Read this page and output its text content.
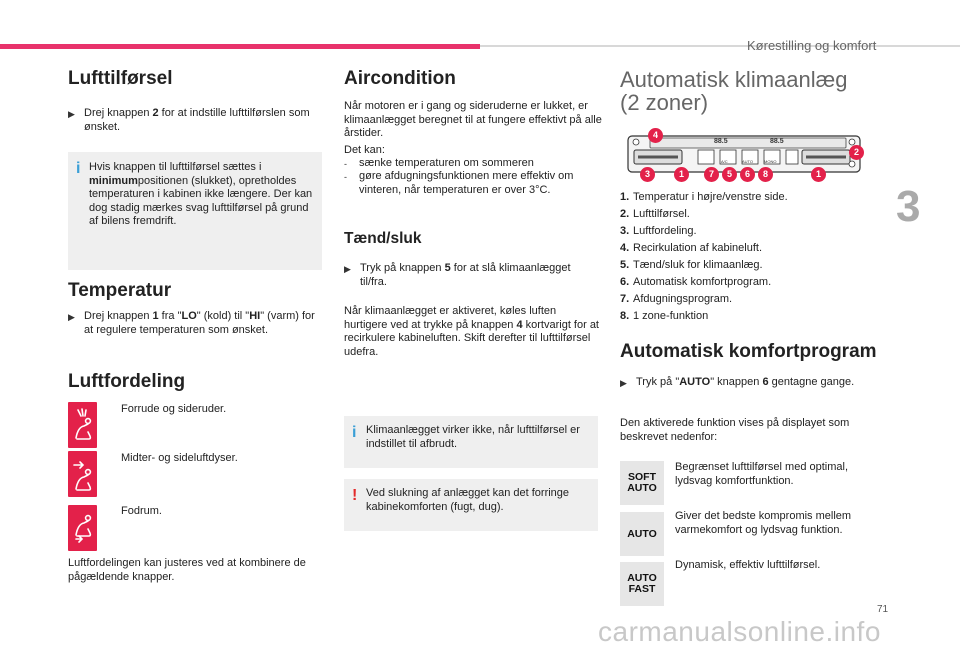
Kørestilling og komfort
3
Lufttilførsel
▶ Drej knappen 2 for at indstille lufttilførslen som ønsket.
i Hvis knappen til lufttilførsel sættes i minimumpositionen (slukket), opretholdes temperaturen i kabinen ikke længere. Der kan dog stadig mærkes svag lufttilførsel på grund af bilens fremdrift.
Temperatur
▶ Drej knappen 1 fra "LO" (kold) til "HI" (varm) for at regulere temperaturen som ønsket.
Luftfordeling
Forrude og sideruder.
Midter- og sideluftdyser.
Fodrum.
Luftfordelingen kan justeres ved at kombinere de pågældende knapper.
Aircondition
Når motoren er i gang og sideruderne er lukket, er klimaanlægget beregnet til at fungere effektivt på alle årstider.
Det kan:
-	sænke temperaturen om sommeren
-	gøre afdugningsfunktionen mere effektiv om vinteren, når temperaturen er over 3°C.
Tænd/sluk
▶ Tryk på knappen 5 for at slå klimaanlægget til/fra.
Når klimaanlægget er aktiveret, køles luften hurtigere ved at trykke på knappen 4 kortvarigt for at recirkulere kabineluften. Skift derefter til lufttilførsel udefra.
i Klimaanlægget virker ikke, når lufttilførsel er indstillet til afbrudt.
! Ved slukning af anlægget kan det forringe kabinekomforten (fugt, dug).
Automatisk klimaanlæg
(2 zoner)
88.5	88.5
A/C	AUTO	MONO
4
2
3	1	7	5	6	8	1
1. Temperatur i højre/venstre side.
2. Lufttilførsel.
3. Luftfordeling.
4. Recirkulation af kabineluft.
5. Tænd/sluk for klimaanlæg.
6. Automatisk komfortprogram.
7. Afdugningsprogram.
8. 1 zone-funktion
Automatisk komfortprogram
▶ Tryk på "AUTO" knappen 6 gentagne gange.
Den aktiverede funktion vises på displayet som beskrevet nedenfor:
SOFT
AUTO
Begrænset lufttilførsel med optimal, lydsvag komfortfunktion.
AUTO
Giver det bedste kompromis mellem varmekomfort og lydsvag funktion.
AUTO
FAST
Dynamisk, effektiv lufttilførsel.
71
carmanualsonline.info
